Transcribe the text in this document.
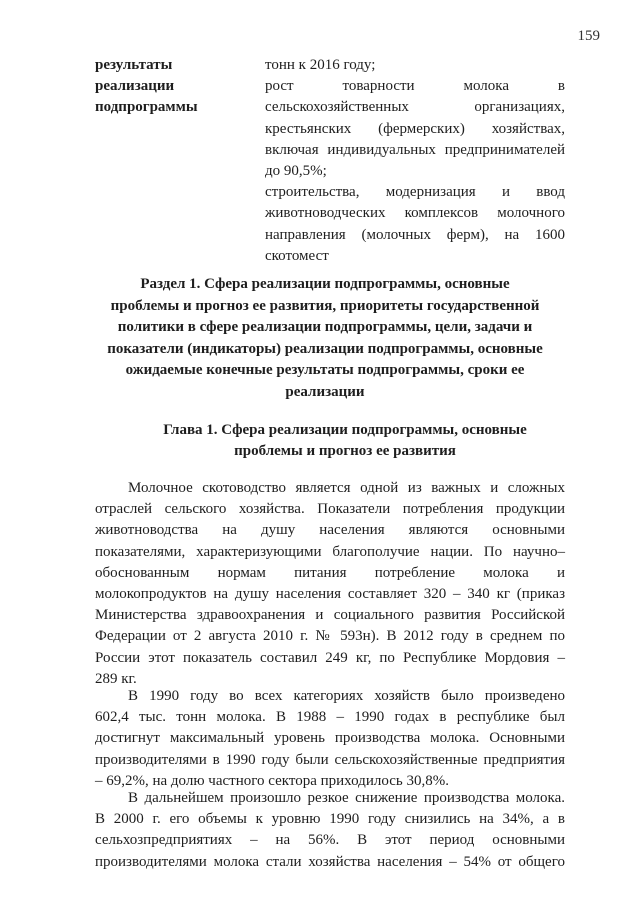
159
результаты
реализации
подпрограммы
тонн к 2016 году;
рост товарности молока в
сельскохозяйственных организациях,
крестьянских (фермерских) хозяйствах,
включая индивидуальных предпринимателей
до 90,5%;
строительства, модернизация и ввод
животноводческих комплексов молочного
направления (молочных ферм), на 1600
скотомест
Раздел 1. Сфера реализации подпрограммы, основные
проблемы и прогноз ее развития, приоритеты государственной
политики в сфере реализации подпрограммы, цели, задачи и
показатели (индикаторы) реализации подпрограммы, основные
ожидаемые конечные результаты подпрограммы, сроки ее
реализации
Глава 1. Сфера реализации подпрограммы, основные
проблемы и прогноз ее развития
Молочное скотоводство является одной из важных и сложных
отраслей сельского хозяйства. Показатели потребления продукции
животноводства на душу населения являются основными
показателями, характеризующими благополучие нации. По научно–
обоснованным нормам питания потребление молока и
молокопродуктов на душу населения составляет 320 – 340 кг (приказ
Министерства здравоохранения и социального развития Российской
Федерации от 2 августа 2010 г. № 593н). В 2012 году в среднем по
России этот показатель составил 249 кг, по Республике Мордовия –
289 кг.
В 1990 году во всех категориях хозяйств было произведено
602,4 тыс. тонн молока. В 1988 – 1990 годах в республике был
достигнут максимальный уровень производства молока. Основными
производителями в 1990 году были сельскохозяйственные предприятия
– 69,2%, на долю частного сектора приходилось 30,8%.
В дальнейшем произошло резкое снижение производства молока.
В 2000 г. его объемы к уровню 1990 году снизились на 34%, а в
сельхозпредприятиях – на 56%. В этот период основными
производителями молока стали хозяйства населения – 54% от общего
